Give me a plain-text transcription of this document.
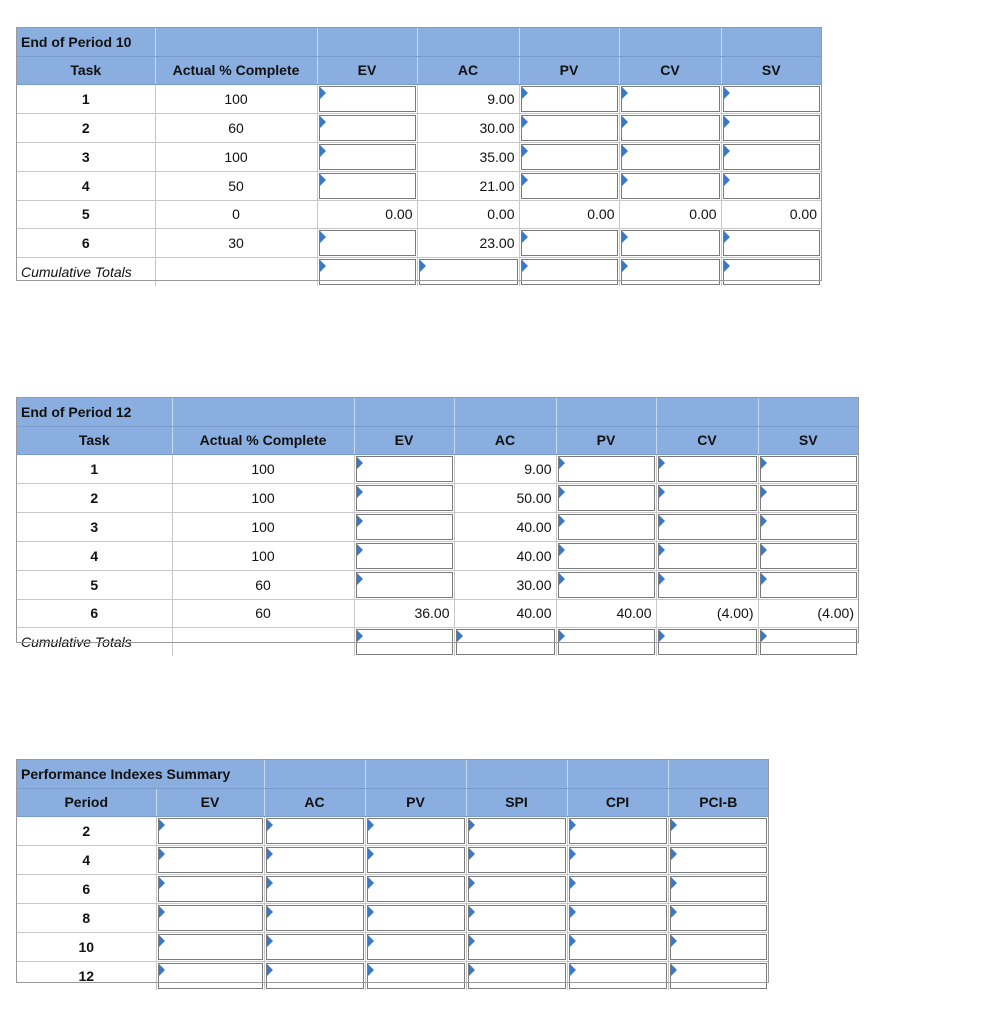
End of Period 10						
Task	Actual % Complete	EV	AC	PV	CV	SV
1	100		9.00	

2	60		30.00	

3	100		35.00	

4	50		21.00	

5	0	0.00	0.00	0.00	0.00	0.00
6	30		23.00	

Cumulative Totals		

End of Period 12						
Task	Actual % Complete	EV	AC	PV	CV	SV
1	100		9.00	

2	100		50.00	

3	100		40.00	

4	100		40.00	

5	60		30.00	

6	60	36.00	40.00	40.00	(4.00)	(4.00)
Cumulative Totals		

Performance Indexes Summary						
Period	EV	AC	PV	SPI	CPI	PCI-B
2	

4	

6	

8	

10	

12	
